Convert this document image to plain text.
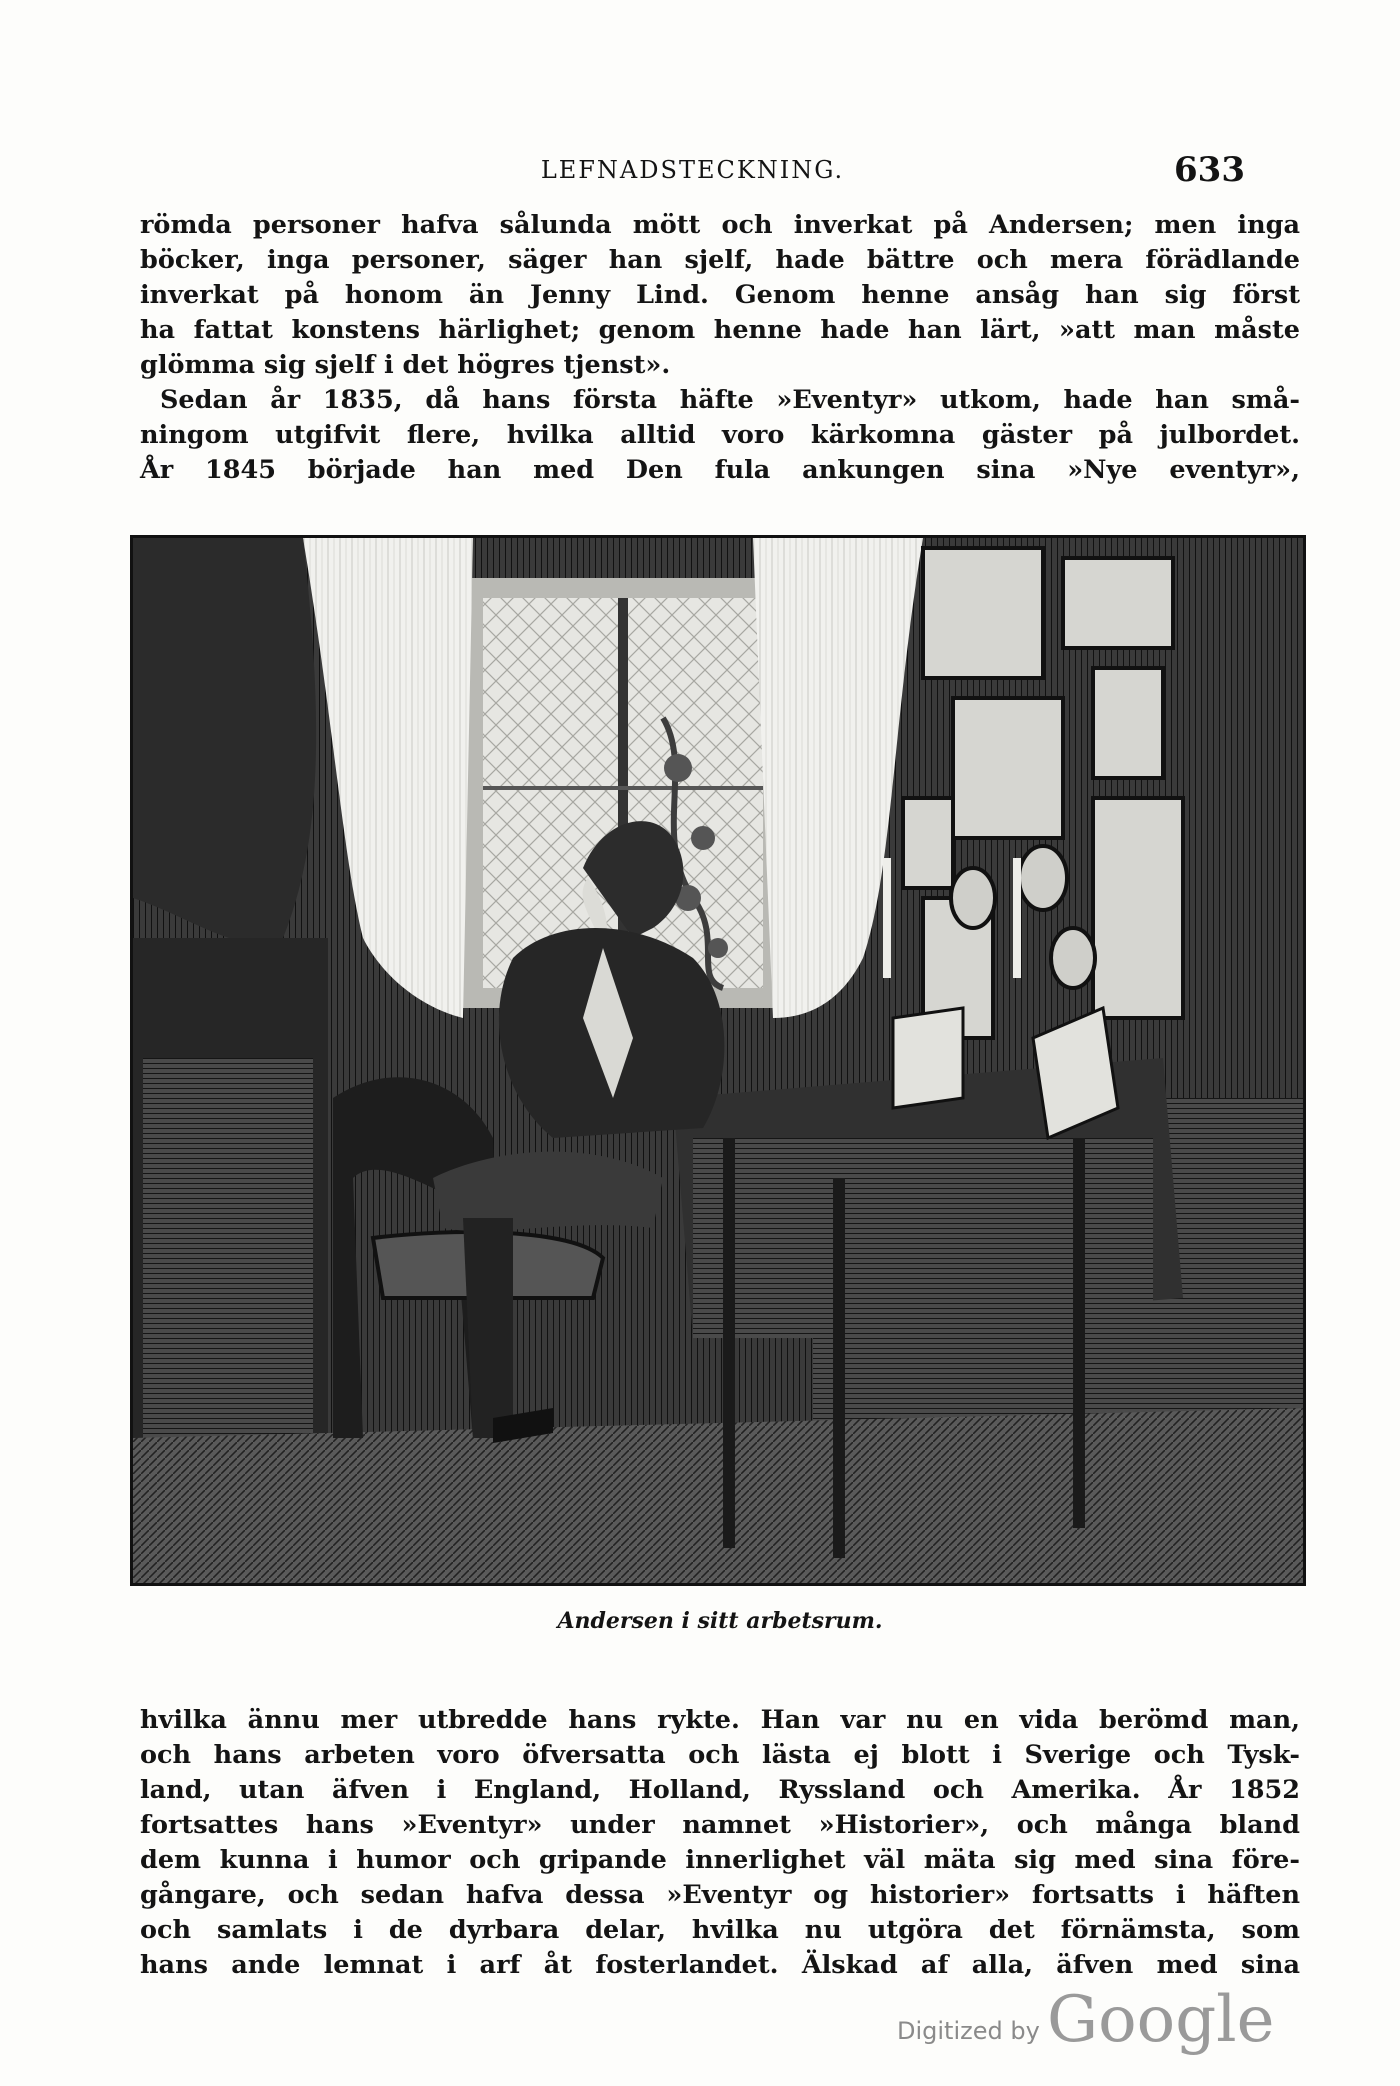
LEFNADSTECKNING.	633

römda personer hafva sålunda mött och inverkat på Andersen; men inga
böcker, inga personer, säger han sjelf, hade bättre och mera förädlande
inverkat på honom än Jenny Lind. Genom henne ansåg han sig först
ha fattat konstens härlighet; genom henne hade han lärt, »att man måste
glömma sig sjelf i det högres tjenst».

Sedan år 1835, då hans första häfte »Eventyr» utkom, hade han små-
ningom utgifvit flere, hvilka alltid voro kärkomna gäster på julbordet.
År 1845 började han med Den fula ankungen sina »Nye eventyr»,

Andersen i sitt arbetsrum.

hvilka ännu mer utbredde hans rykte. Han var nu en vida berömd man,
och hans arbeten voro öfversatta och lästa ej blott i Sverige och Tysk-
land, utan äfven i England, Holland, Ryssland och Amerika. År 1852
fortsattes hans »Eventyr» under namnet »Historier», och många bland
dem kunna i humor och gripande innerlighet väl mäta sig med sina före-
gångare, och sedan hafva dessa »Eventyr og historier» fortsatts i häften
och samlats i de dyrbara delar, hvilka nu utgöra det förnämsta, som
hans ande lemnat i arf åt fosterlandet. Älskad af alla, äfven med sina

Digitized by Google
